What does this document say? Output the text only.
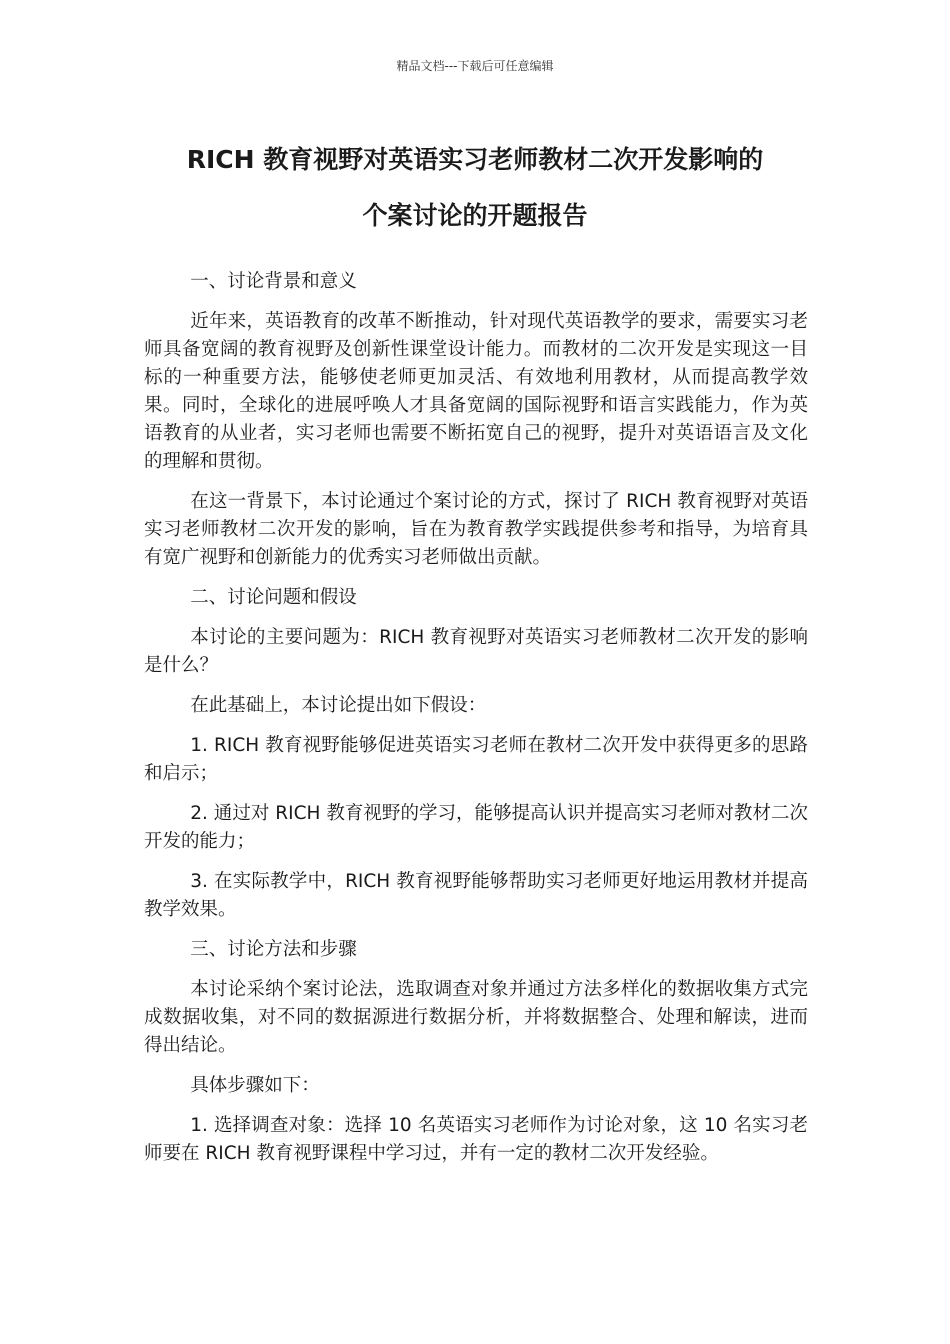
精品文档---下载后可任意编辑
RICH 教育视野对英语实习老师教材二次开发影响的
个案讨论的开题报告

一、讨论背景和意义

近年来，英语教育的改革不断推动，针对现代英语教学的要求，需要实习老师具备宽阔的教育视野及创新性课堂设计能力。而教材的二次开发是实现这一目标的一种重要方法，能够使老师更加灵活、有效地利用教材，从而提高教学效果。同时，全球化的进展呼唤人才具备宽阔的国际视野和语言实践能力，作为英语教育的从业者，实习老师也需要不断拓宽自己的视野，提升对英语语言及文化的理解和贯彻。

在这一背景下，本讨论通过个案讨论的方式，探讨了 RICH 教育视野对英语实习老师教材二次开发的影响，旨在为教育教学实践提供参考和指导，为培育具有宽广视野和创新能力的优秀实习老师做出贡献。

二、讨论问题和假设

本讨论的主要问题为：RICH 教育视野对英语实习老师教材二次开发的影响是什么？

在此基础上，本讨论提出如下假设：

1. RICH 教育视野能够促进英语实习老师在教材二次开发中获得更多的思路和启示；

2. 通过对 RICH 教育视野的学习，能够提高认识并提高实习老师对教材二次开发的能力；

3. 在实际教学中，RICH 教育视野能够帮助实习老师更好地运用教材并提高教学效果。

三、讨论方法和步骤

本讨论采纳个案讨论法，选取调查对象并通过方法多样化的数据收集方式完成数据收集，对不同的数据源进行数据分析，并将数据整合、处理和解读，进而得出结论。

具体步骤如下：

1. 选择调查对象：选择 10 名英语实习老师作为讨论对象，这 10 名实习老师要在 RICH 教育视野课程中学习过，并有一定的教材二次开发经验。
